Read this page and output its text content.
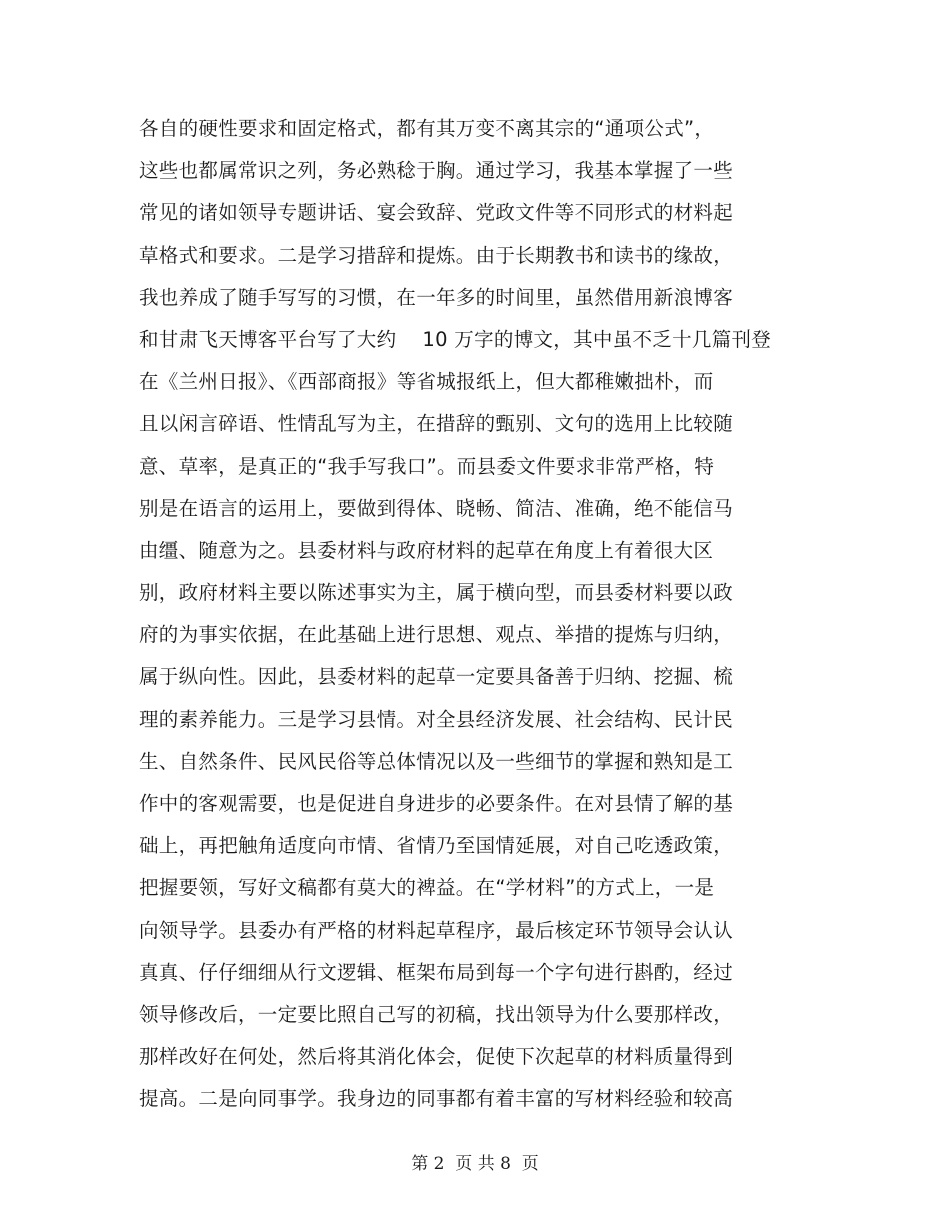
各自的硬性要求和固定格式，都有其万变不离其宗的“通项公式”，
这些也都属常识之列，务必熟稔于胸。通过学习，我基本掌握了一些
常见的诸如领导专题讲话、宴会致辞、党政文件等不同形式的材料起
草格式和要求。二是学习措辞和提炼。由于长期教书和读书的缘故，
我也养成了随手写写的习惯，在一年多的时间里，虽然借用新浪博客
和甘肃飞天博客平台写了大约    10 万字的博文，其中虽不乏十几篇刊登
在《兰州日报》、《西部商报》等省城报纸上，但大都稚嫩拙朴，而
且以闲言碎语、性情乱写为主，在措辞的甄别、文句的选用上比较随
意、草率，是真正的“我手写我口”。而县委文件要求非常严格，特
别是在语言的运用上，要做到得体、晓畅、简洁、准确，绝不能信马
由缰、随意为之。县委材料与政府材料的起草在角度上有着很大区
别，政府材料主要以陈述事实为主，属于横向型，而县委材料要以政
府的为事实依据，在此基础上进行思想、观点、举措的提炼与归纳，
属于纵向性。因此，县委材料的起草一定要具备善于归纳、挖掘、梳
理的素养能力。三是学习县情。对全县经济发展、社会结构、民计民
生、自然条件、民风民俗等总体情况以及一些细节的掌握和熟知是工
作中的客观需要，也是促进自身进步的必要条件。在对县情了解的基
础上，再把触角适度向市情、省情乃至国情延展，对自己吃透政策，
把握要领，写好文稿都有莫大的裨益。在“学材料”的方式上，一是
向领导学。县委办有严格的材料起草程序，最后核定环节领导会认认
真真、仔仔细细从行文逻辑、框架布局到每一个字句进行斟酌，经过
领导修改后，一定要比照自己写的初稿，找出领导为什么要那样改，
那样改好在何处，然后将其消化体会，促使下次起草的材料质量得到
提高。二是向同事学。我身边的同事都有着丰富的写材料经验和较高
第 2  页 共 8  页
